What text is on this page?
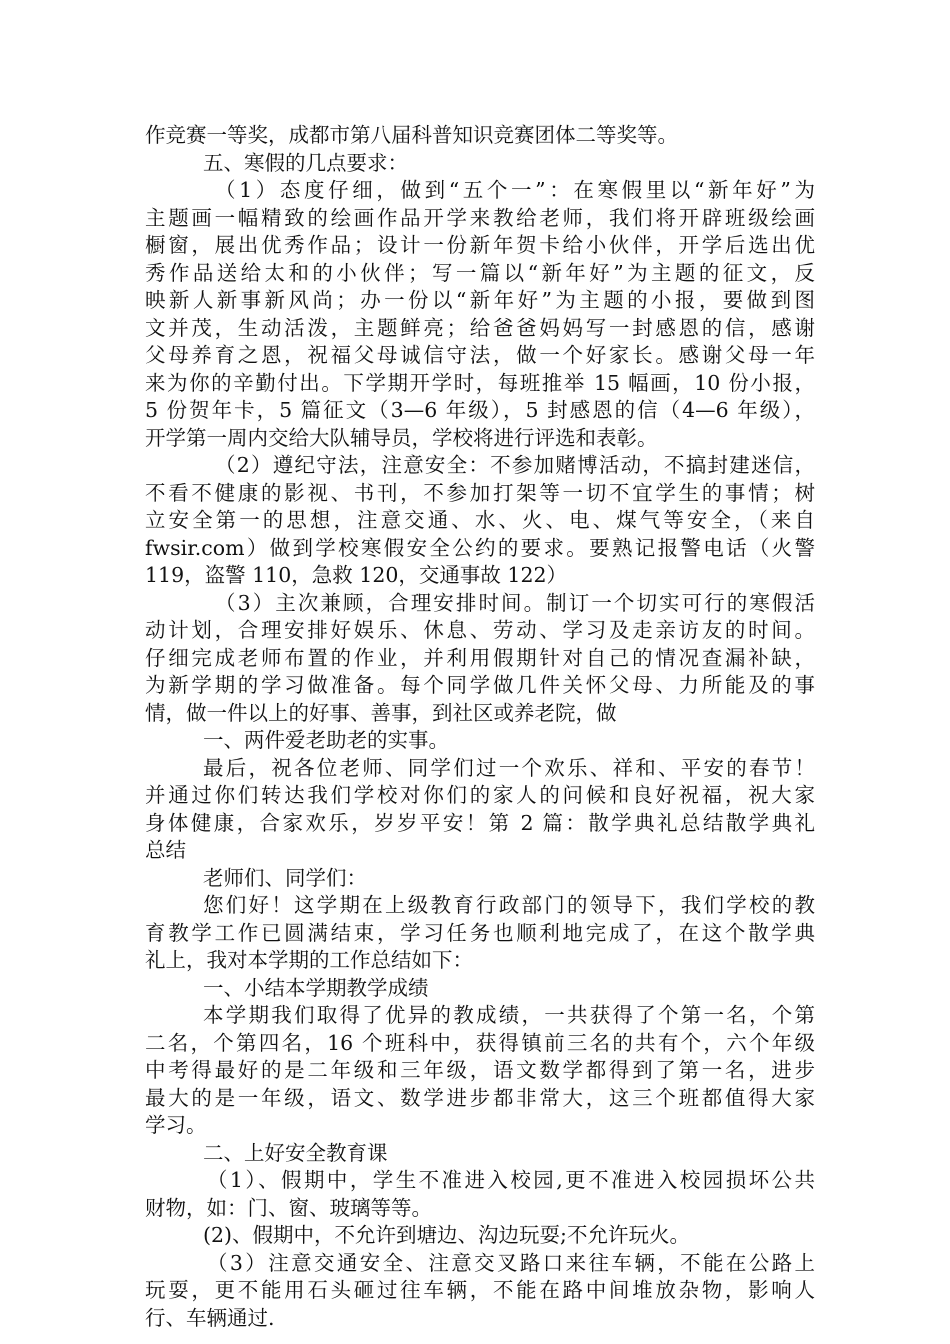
作竞赛一等奖，成都市第八届科普知识竞赛团体二等奖等。
五、寒假的几点要求：
（1）态度仔细，做到“五个一”：在寒假里以“新年好”为
主题画一幅精致的绘画作品开学来教给老师，我们将开辟班级绘画
橱窗，展出优秀作品；设计一份新年贺卡给小伙伴，开学后选出优
秀作品送给太和的小伙伴；写一篇以“新年好”为主题的征文，反
映新人新事新风尚；办一份以“新年好”为主题的小报，要做到图
文并茂，生动活泼，主题鲜亮；给爸爸妈妈写一封感恩的信，感谢
父母养育之恩，祝福父母诚信守法，做一个好家长。感谢父母一年
来为你的辛勤付出。下学期开学时，每班推举 15 幅画，10 份小报，
5 份贺年卡，5 篇征文（3—6 年级），5 封感恩的信（4—6 年级），
开学第一周内交给大队辅导员，学校将进行评选和表彰。
（2）遵纪守法，注意安全：不参加赌博活动，不搞封建迷信，
不看不健康的影视、书刊，不参加打架等一切不宜学生的事情；树
立安全第一的思想，注意交通、水、火、电、煤气等安全，（来自
fwsir.com）做到学校寒假安全公约的要求。要熟记报警电话（火警
119，盗警 110，急救 120，交通事故 122）
（3）主次兼顾，合理安排时间。制订一个切实可行的寒假活
动计划，合理安排好娱乐、休息、劳动、学习及走亲访友的时间。
仔细完成老师布置的作业，并利用假期针对自己的情况查漏补缺，
为新学期的学习做准备。每个同学做几件关怀父母、力所能及的事
情，做一件以上的好事、善事，到社区或养老院，做
一、两件爱老助老的实事。
最后，祝各位老师、同学们过一个欢乐、祥和、平安的春节！
并通过你们转达我们学校对你们的家人的问候和良好祝福，祝大家
身体健康，合家欢乐，岁岁平安！第 2 篇：散学典礼总结散学典礼
总结
老师们、同学们：
您们好！这学期在上级教育行政部门的领导下，我们学校的教
育教学工作已圆满结束，学习任务也顺利地完成了，在这个散学典
礼上，我对本学期的工作总结如下：
一、小结本学期教学成绩
本学期我们取得了优异的教成绩，一共获得了个第一名，个第
二名，个第四名，16 个班科中，获得镇前三名的共有个，六个年级
中考得最好的是二年级和三年级，语文数学都得到了第一名，进步
最大的是一年级，语文、数学进步都非常大，这三个班都值得大家
学习。
二、上好安全教育课
（1）、假期中，学生不准进入校园,更不准进入校园损坏公共
财物，如：门、窗、玻璃等等。
(2)、假期中，不允许到塘边、沟边玩耍;不允许玩火。
（3）注意交通安全、注意交叉路口来往车辆，不能在公路上
玩耍，更不能用石头砸过往车辆，不能在路中间堆放杂物，影响人
行、车辆通过.
